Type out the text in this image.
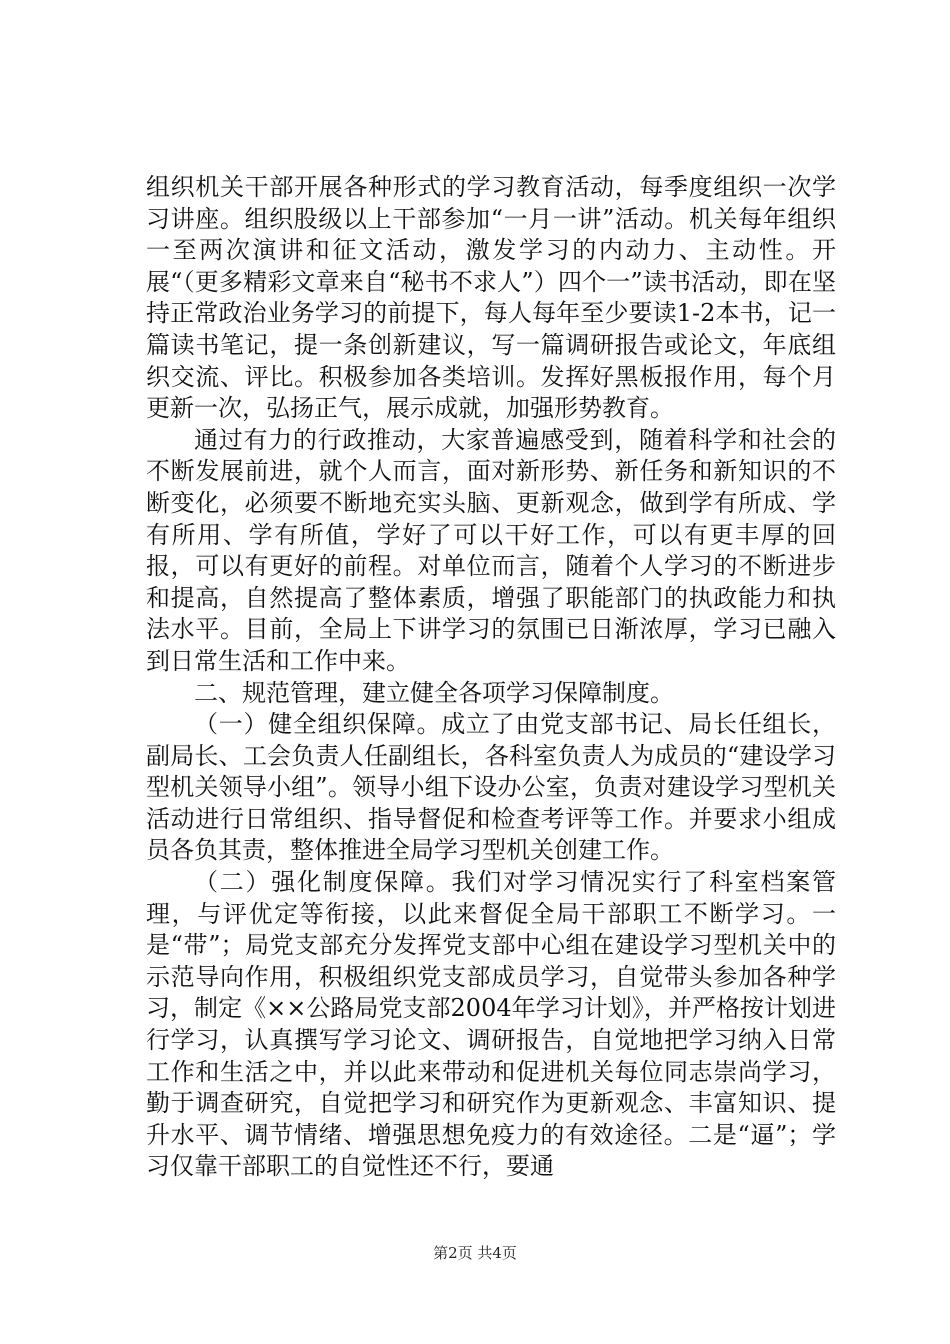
组织机关干部开展各种形式的学习教育活动，每季度组织一次学习讲座。组织股级以上干部参加“一月一讲”活动。机关每年组织一至两次演讲和征文活动，激发学习的内动力、主动性。开展“（更多精彩文章来自“秘书不求人”）四个一”读书活动，即在坚持正常政治业务学习的前提下，每人每年至少要读1-2本书，记一篇读书笔记，提一条创新建议，写一篇调研报告或论文，年底组织交流、评比。积极参加各类培训。发挥好黑板报作用，每个月更新一次，弘扬正气，展示成就，加强形势教育。

通过有力的行政推动，大家普遍感受到，随着科学和社会的不断发展前进，就个人而言，面对新形势、新任务和新知识的不断变化，必须要不断地充实头脑、更新观念，做到学有所成、学有所用、学有所值，学好了可以干好工作，可以有更丰厚的回报，可以有更好的前程。对单位而言，随着个人学习的不断进步和提高，自然提高了整体素质，增强了职能部门的执政能力和执法水平。目前，全局上下讲学习的氛围已日渐浓厚，学习已融入到日常生活和工作中来。

二、规范管理，建立健全各项学习保障制度。

（一）健全组织保障。成立了由党支部书记、局长任组长，副局长、工会负责人任副组长，各科室负责人为成员的“建设学习型机关领导小组”。领导小组下设办公室，负责对建设学习型机关活动进行日常组织、指导督促和检查考评等工作。并要求小组成员各负其责，整体推进全局学习型机关创建工作。

（二）强化制度保障。我们对学习情况实行了科室档案管理，与评优定等衔接，以此来督促全局干部职工不断学习。一是“带”；局党支部充分发挥党支部中心组在建设学习型机关中的示范导向作用，积极组织党支部成员学习，自觉带头参加各种学习，制定《××公路局党支部2004年学习计划》，并严格按计划进行学习，认真撰写学习论文、调研报告，自觉地把学习纳入日常工作和生活之中，并以此来带动和促进机关每位同志崇尚学习，勤于调查研究，自觉把学习和研究作为更新观念、丰富知识、提升水平、调节情绪、增强思想免疫力的有效途径。二是“逼”；学习仅靠干部职工的自觉性还不行，要通

第2页 共4页
